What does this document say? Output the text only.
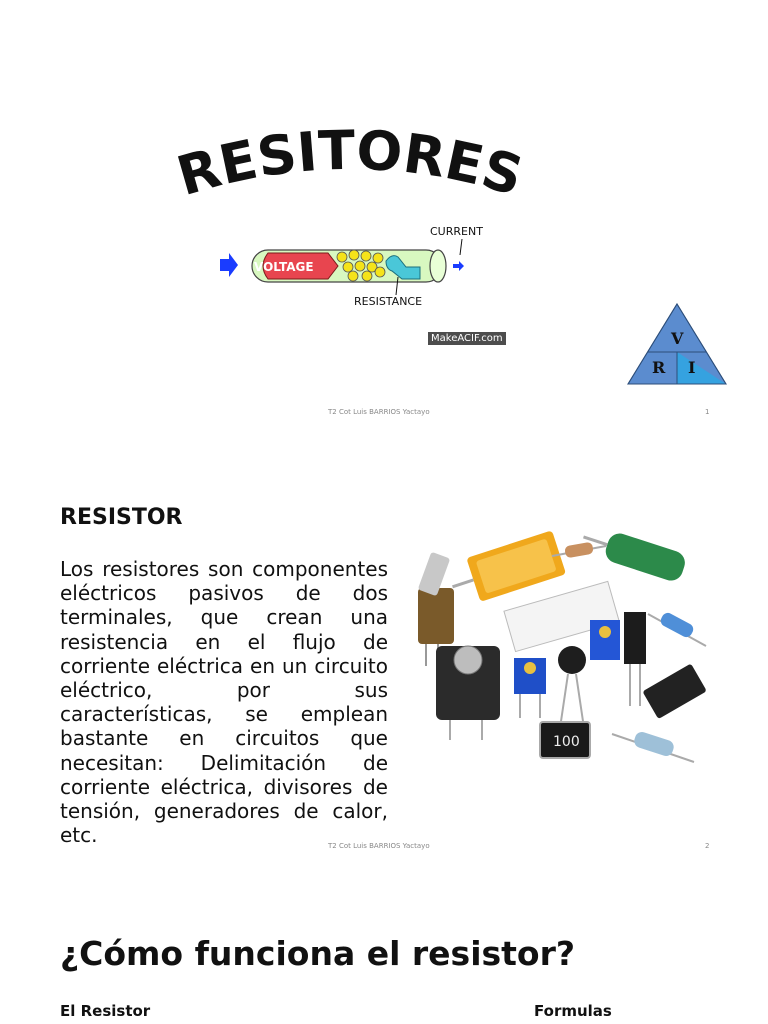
RESITORES
VOLTAGE
CURRENT
RESISTANCE
MakeACIF.com	V
R I
T2 Cot Luis BARRIOS Yactayo	1
RESISTOR

Los resistores son componentes eléctricos pasivos de dos terminales, que crean una resistencia en el flujo de corriente eléctrica en un circuito eléctrico, por sus características, se emplean bastante en circuitos que necesitan: Delimitación de corriente eléctrica, divisores de tensión, generadores de calor, etc.

100
T2 Cot Luis BARRIOS Yactayo	2
¿Cómo funciona el resistor?
El Resistor	Formulas
